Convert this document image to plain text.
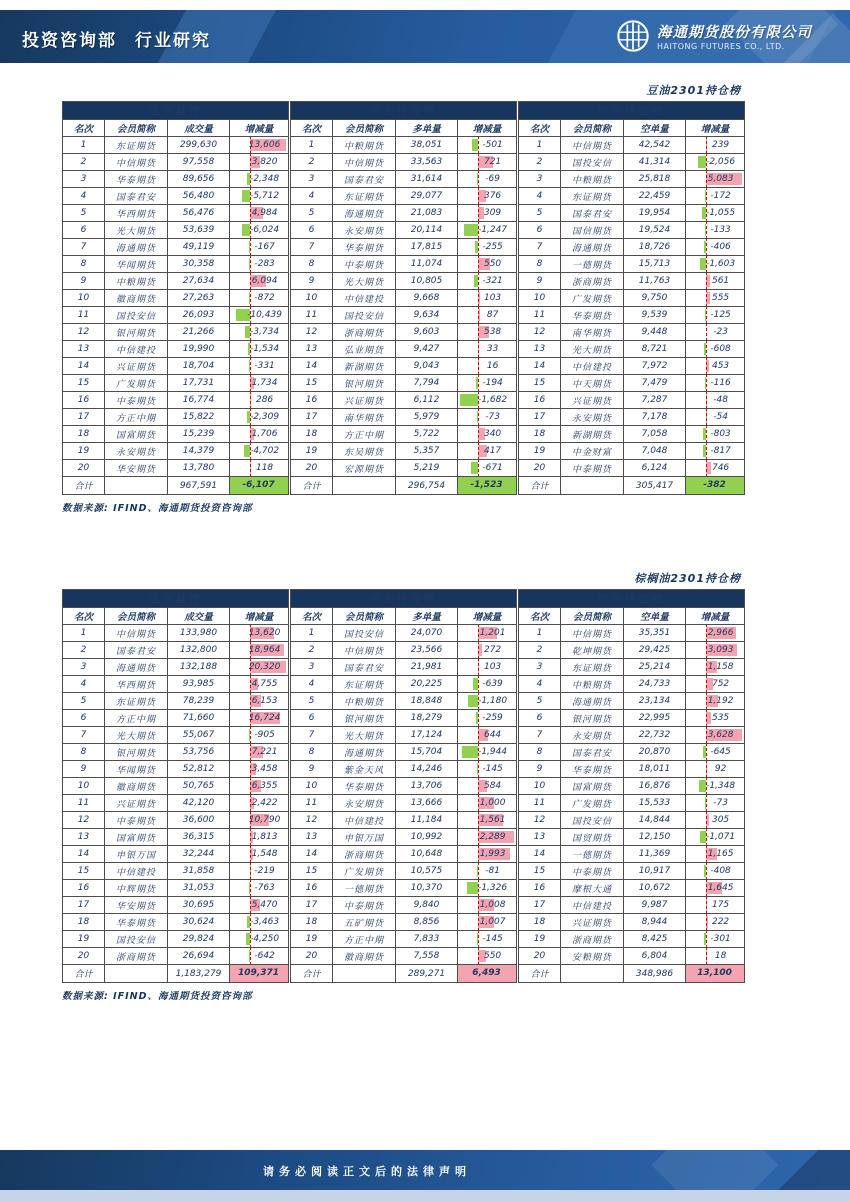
投资咨询部 行业研究	海通期货股份有限公司
HAITONG FUTURES CO., LTD.
豆油2301持仓榜
成交量榜			
名次	会员简称	成交量	增减量
1	东证期货	299,630	13,606

2	中信期货	97,558	3,820

3	华泰期货	89,656	-2,348

4	国泰君安	56,480	-5,712

5	华西期货	56,476	4,984

6	光大期货	53,639	-6,024

7	海通期货	49,119	-167

8	华闻期货	30,358	-283

9	中粮期货	27,634	6,094

10	徽商期货	27,263	-872

11	国投安信	26,093	-10,439

12	银河期货	21,266	-3,734

13	中信建投	19,990	-1,534

14	兴证期货	18,704	-331

15	广发期货	17,731	1,734

16	中泰期货	16,774	286

17	方正中期	15,822	-2,309

18	国富期货	15,239	1,706

19	永安期货	14,379	-4,702

20	华安期货	13,780	118

合计		967,591	-6,107
多头持仓榜			
名次	会员简称	多单量	增减量
1	中粮期货	38,051	-501

2	中信期货	33,563	721

3	国泰君安	31,614	-69

4	东证期货	29,077	376

5	海通期货	21,083	309

6	永安期货	20,114	-1,247

7	华泰期货	17,815	-255

8	中泰期货	11,074	550

9	光大期货	10,805	-321

10	中信建投	9,668	103

11	国投安信	9,634	87

12	浙商期货	9,603	538

13	弘业期货	9,427	33

14	新湖期货	9,043	16

15	银河期货	7,794	-194

16	兴证期货	6,112	-1,682

17	南华期货	5,979	-73

18	方正中期	5,722	340

19	东吴期货	5,357	417

20	宏源期货	5,219	-671

合计		296,754	-1,523
空头持仓榜			
名次	会员简称	空单量	增减量
1	中信期货	42,542	239

2	国投安信	41,314	-2,056

3	中粮期货	25,818	5,083

4	东证期货	22,459	-172

5	国泰君安	19,954	-1,055

6	国信期货	19,524	-133

7	海通期货	18,726	-406

8	一德期货	15,713	-1,603

9	浙商期货	11,763	561

10	广发期货	9,750	555

11	华泰期货	9,539	-125

12	南华期货	9,448	-23

13	光大期货	8,721	-608

14	中信建投	7,972	453

15	中天期货	7,479	-116

16	兴证期货	7,287	-48

17	永安期货	7,178	-54

18	新湖期货	7,058	-803

19	中金财富	7,048	-817

20	中泰期货	6,124	746

合计		305,417	-382
数据来源: IFIND、海通期货投资咨询部
棕榈油2301持仓榜
成交量榜			
名次	会员简称	成交量	增减量
1	中信期货	133,980	13,620

2	国泰君安	132,800	18,964

3	海通期货	132,188	20,320

4	华西期货	93,985	4,755

5	东证期货	78,239	6,153

6	方正中期	71,660	16,724

7	光大期货	55,067	-905

8	银河期货	53,756	7,221

9	华闻期货	52,812	3,458

10	徽商期货	50,765	6,355

11	兴证期货	42,120	2,422

12	中泰期货	36,600	10,790

13	国富期货	36,315	1,813

14	申银万国	32,244	1,548

15	中信建投	31,858	-219

16	中辉期货	31,053	-763

17	华安期货	30,695	5,470

18	华泰期货	30,624	-3,463

19	国投安信	29,824	-4,250

20	浙商期货	26,694	-642

合计		1,183,279	109,371
多头持仓榜			
名次	会员简称	多单量	增减量
1	国投安信	24,070	1,201

2	中信期货	23,566	272

3	国泰君安	21,981	103

4	东证期货	20,225	-639

5	中粮期货	18,848	-1,180

6	银河期货	18,279	-259

7	光大期货	17,124	644

8	海通期货	15,704	-1,944

9	紫金天风	14,246	-145

10	华泰期货	13,706	584

11	永安期货	13,666	1,000

12	中信建投	11,184	1,561

13	申银万国	10,992	2,289

14	浙商期货	10,648	1,993

15	广发期货	10,575	-81

16	一德期货	10,370	-1,326

17	中泰期货	9,840	1,008

18	五矿期货	8,856	1,007

19	方正中期	7,833	-145

20	徽商期货	7,558	550

合计		289,271	6,493
空头持仓榜			
名次	会员简称	空单量	增减量
1	中信期货	35,351	2,966

2	乾坤期货	29,425	3,093

3	东证期货	25,214	1,158

4	中粮期货	24,733	752

5	海通期货	23,134	1,192

6	银河期货	22,995	535

7	永安期货	22,732	3,628

8	国泰君安	20,870	-645

9	华泰期货	18,011	92

10	国富期货	16,876	-1,348

11	广发期货	15,533	-73

12	国投安信	14,844	305

13	国贸期货	12,150	-1,071

14	一德期货	11,369	1,165

15	中泰期货	10,917	-408

16	摩根大通	10,672	1,645

17	中信建投	9,987	175

18	兴证期货	8,944	222

19	浙商期货	8,425	-301

20	安粮期货	6,804	18

合计		348,986	13,100
数据来源: IFIND、海通期货投资咨询部
请务必阅读正文后的法律声明
